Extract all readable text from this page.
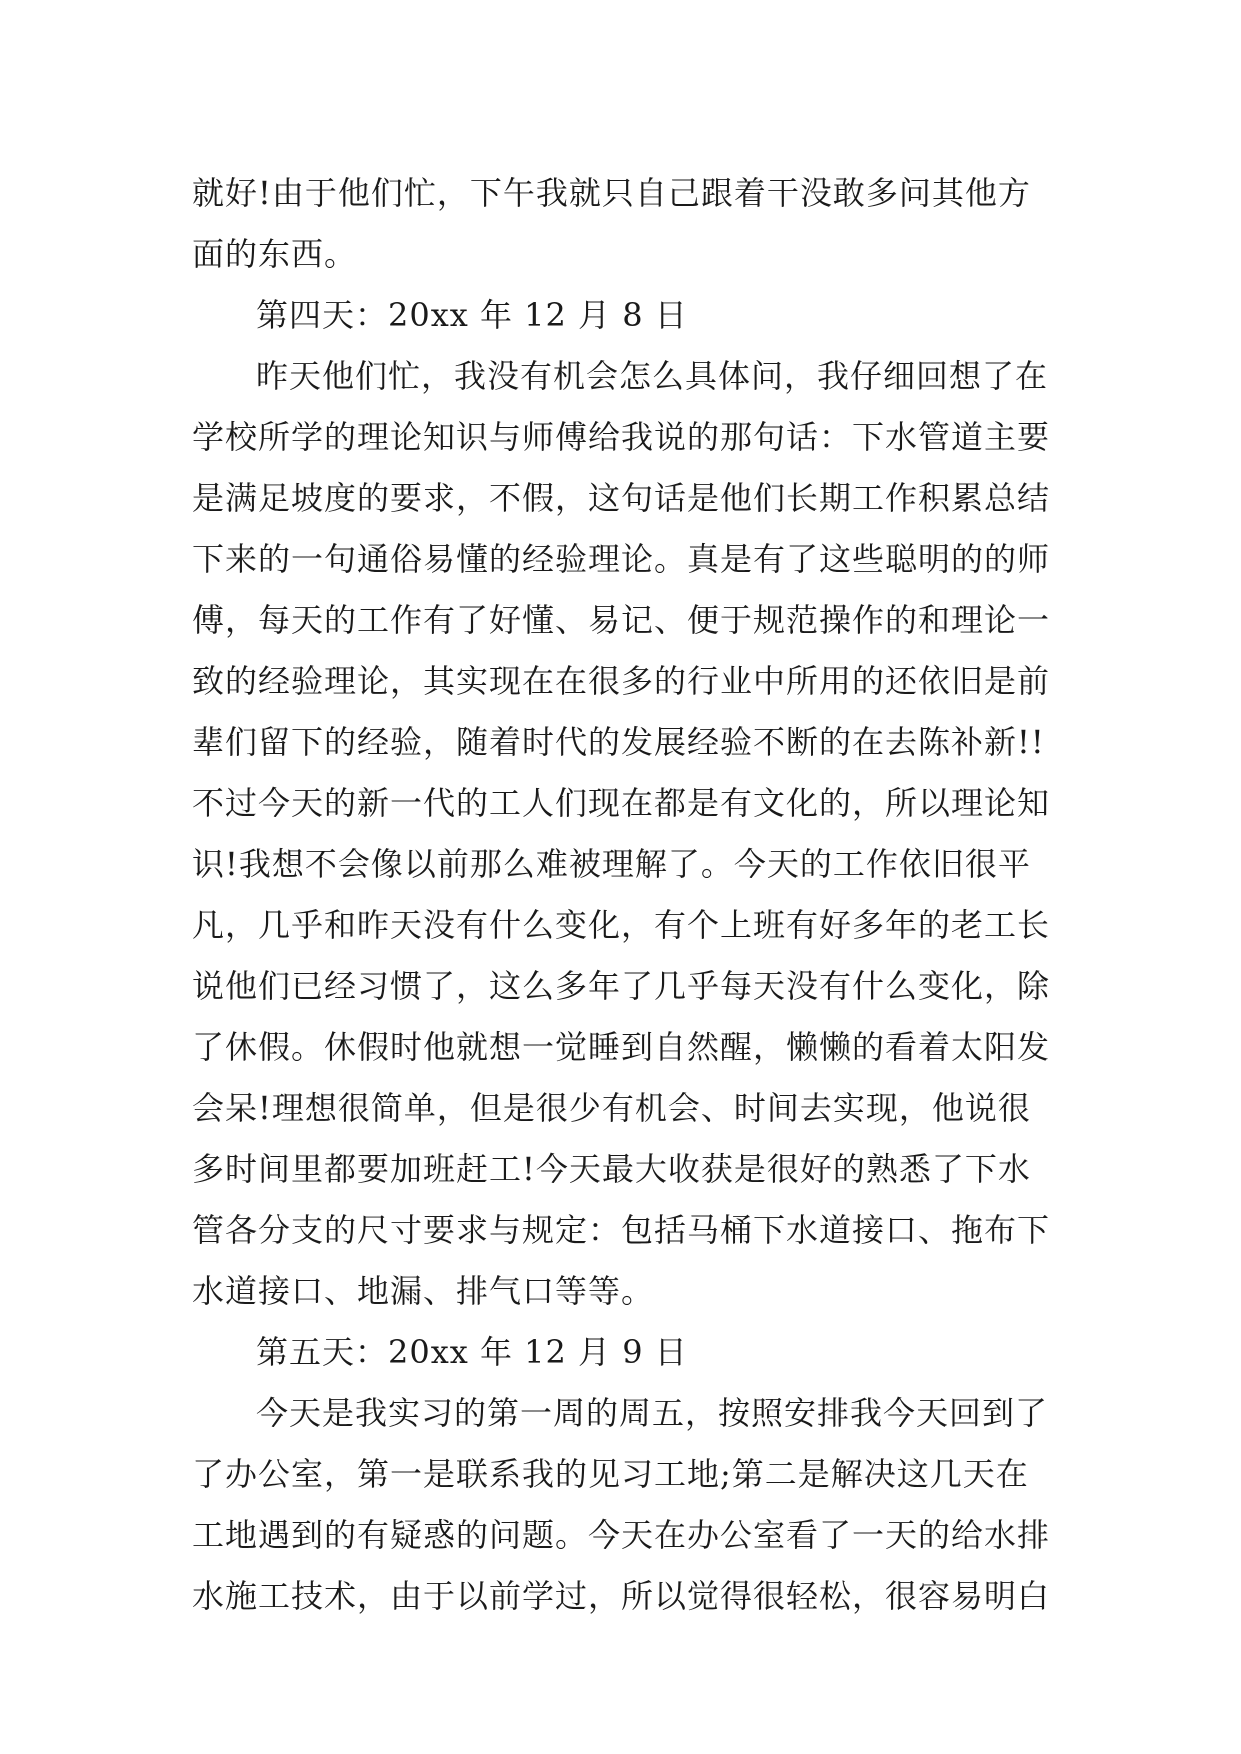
就好!由于他们忙，下午我就只自己跟着干没敢多问其他方
面的东西。
第四天：20xx 年 12 月 8 日
昨天他们忙，我没有机会怎么具体问，我仔细回想了在
学校所学的理论知识与师傅给我说的那句话：下水管道主要
是满足坡度的要求，不假，这句话是他们长期工作积累总结
下来的一句通俗易懂的经验理论。真是有了这些聪明的的师
傅，每天的工作有了好懂、易记、便于规范操作的和理论一
致的经验理论，其实现在在很多的行业中所用的还依旧是前
辈们留下的经验，随着时代的发展经验不断的在去陈补新!!
不过今天的新一代的工人们现在都是有文化的，所以理论知
识!我想不会像以前那么难被理解了。今天的工作依旧很平
凡，几乎和昨天没有什么变化，有个上班有好多年的老工长
说他们已经习惯了，这么多年了几乎每天没有什么变化，除
了休假。休假时他就想一觉睡到自然醒，懒懒的看着太阳发
会呆!理想很简单，但是很少有机会、时间去实现，他说很
多时间里都要加班赶工!今天最大收获是很好的熟悉了下水
管各分支的尺寸要求与规定：包括马桶下水道接口、拖布下
水道接口、地漏、排气口等等。
第五天：20xx 年 12 月 9 日
今天是我实习的第一周的周五，按照安排我今天回到了
了办公室，第一是联系我的见习工地;第二是解决这几天在
工地遇到的有疑惑的问题。今天在办公室看了一天的给水排
水施工技术，由于以前学过，所以觉得很轻松，很容易明白
